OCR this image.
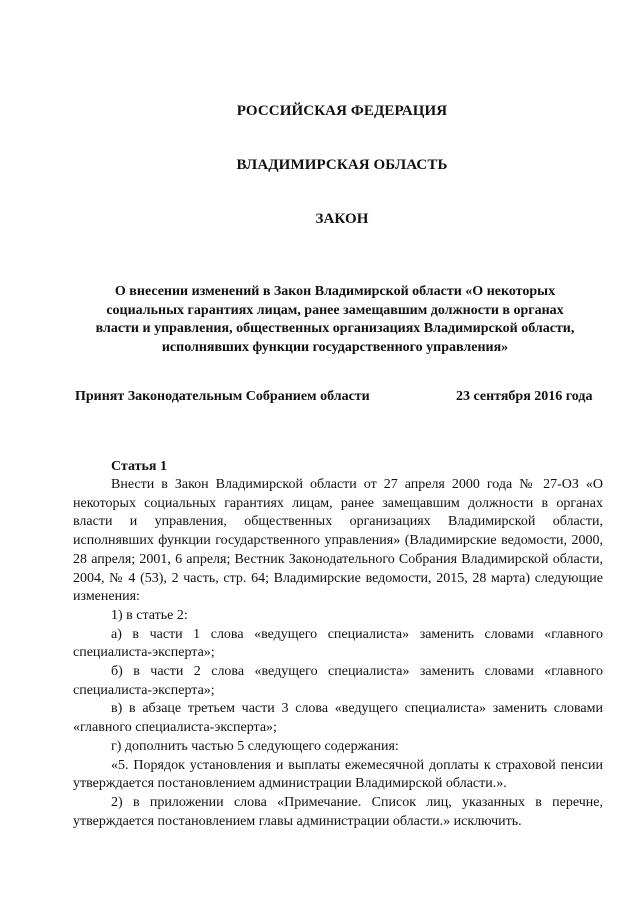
РОССИЙСКАЯ ФЕДЕРАЦИЯ
ВЛАДИМИРСКАЯ ОБЛАСТЬ
ЗАКОН
О внесении изменений в Закон Владимирской области «О некоторых
социальных гарантиях лицам, ранее замещавшим должности в органах
власти и управления, общественных организациях Владимирской области,
исполнявших функции государственного управления»
Принят Законодательным Собранием области	23 сентября 2016 года
Статья 1
Внести в Закон Владимирской области от 27 апреля 2000 года № 27-ОЗ «О некоторых социальных гарантиях лицам, ранее замещавшим должности в органах власти и управления, общественных организациях Владимирской области, исполнявших функции государственного управления» (Владимирские ведомости, 2000, 28 апреля; 2001, 6 апреля; Вестник Законодательного Собрания Владимирской области, 2004, № 4 (53), 2 часть, стр. 64; Владимирские ведомости, 2015, 28 марта) следующие изменения:
1) в статье 2:
а) в части 1 слова «ведущего специалиста» заменить словами «главного специалиста-эксперта»;
б) в части 2 слова «ведущего специалиста» заменить словами «главного специалиста-эксперта»;
в) в абзаце третьем части 3 слова «ведущего специалиста» заменить словами «главного специалиста-эксперта»;
г) дополнить частью 5 следующего содержания:
«5. Порядок установления и выплаты ежемесячной доплаты к страховой пенсии утверждается постановлением администрации Владимирской области.».
2) в приложении слова «Примечание. Список лиц, указанных в перечне, утверждается постановлением главы администрации области.» исключить.
